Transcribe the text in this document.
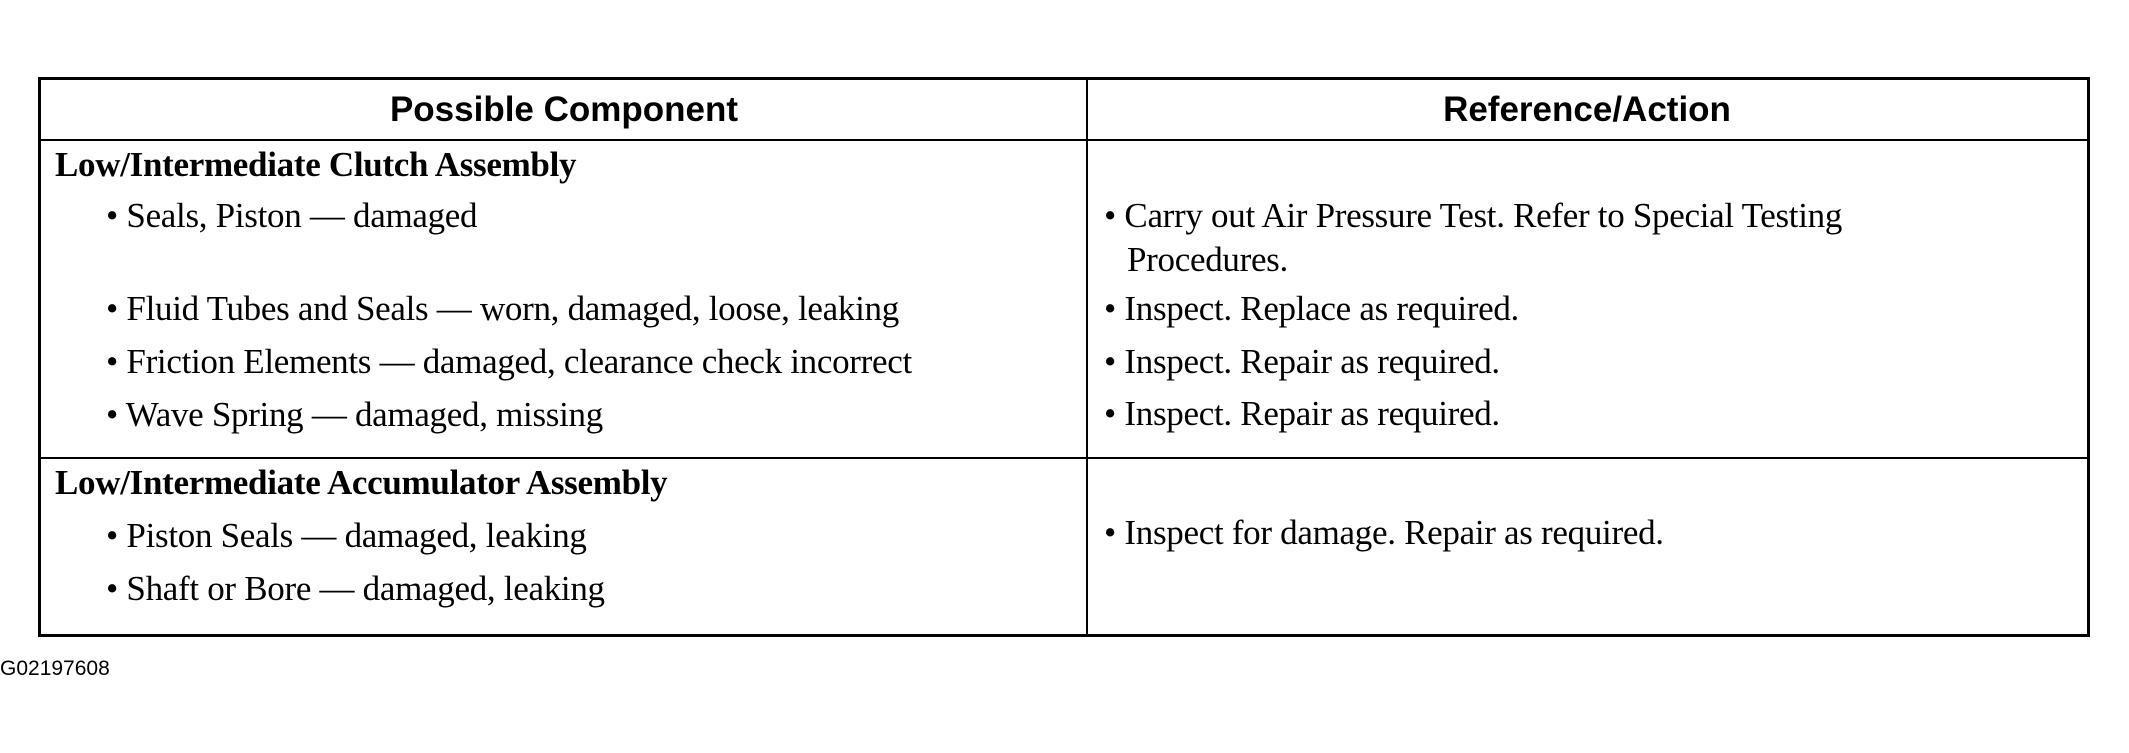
Possible Component	Reference/Action
Low/Intermediate Clutch Assembly
• Seals, Piston — damaged
• Fluid Tubes and Seals — worn, damaged, loose, leaking
• Friction Elements — damaged, clearance check incorrect
• Wave Spring — damaged, missing
• Carry out Air Pressure Test. Refer to Special Testing
Procedures.
• Inspect. Replace as required.
• Inspect. Repair as required.
• Inspect. Repair as required.
Low/Intermediate Accumulator Assembly
• Piston Seals — damaged, leaking
• Shaft or Bore — damaged, leaking
• Inspect for damage. Repair as required.
G02197608
